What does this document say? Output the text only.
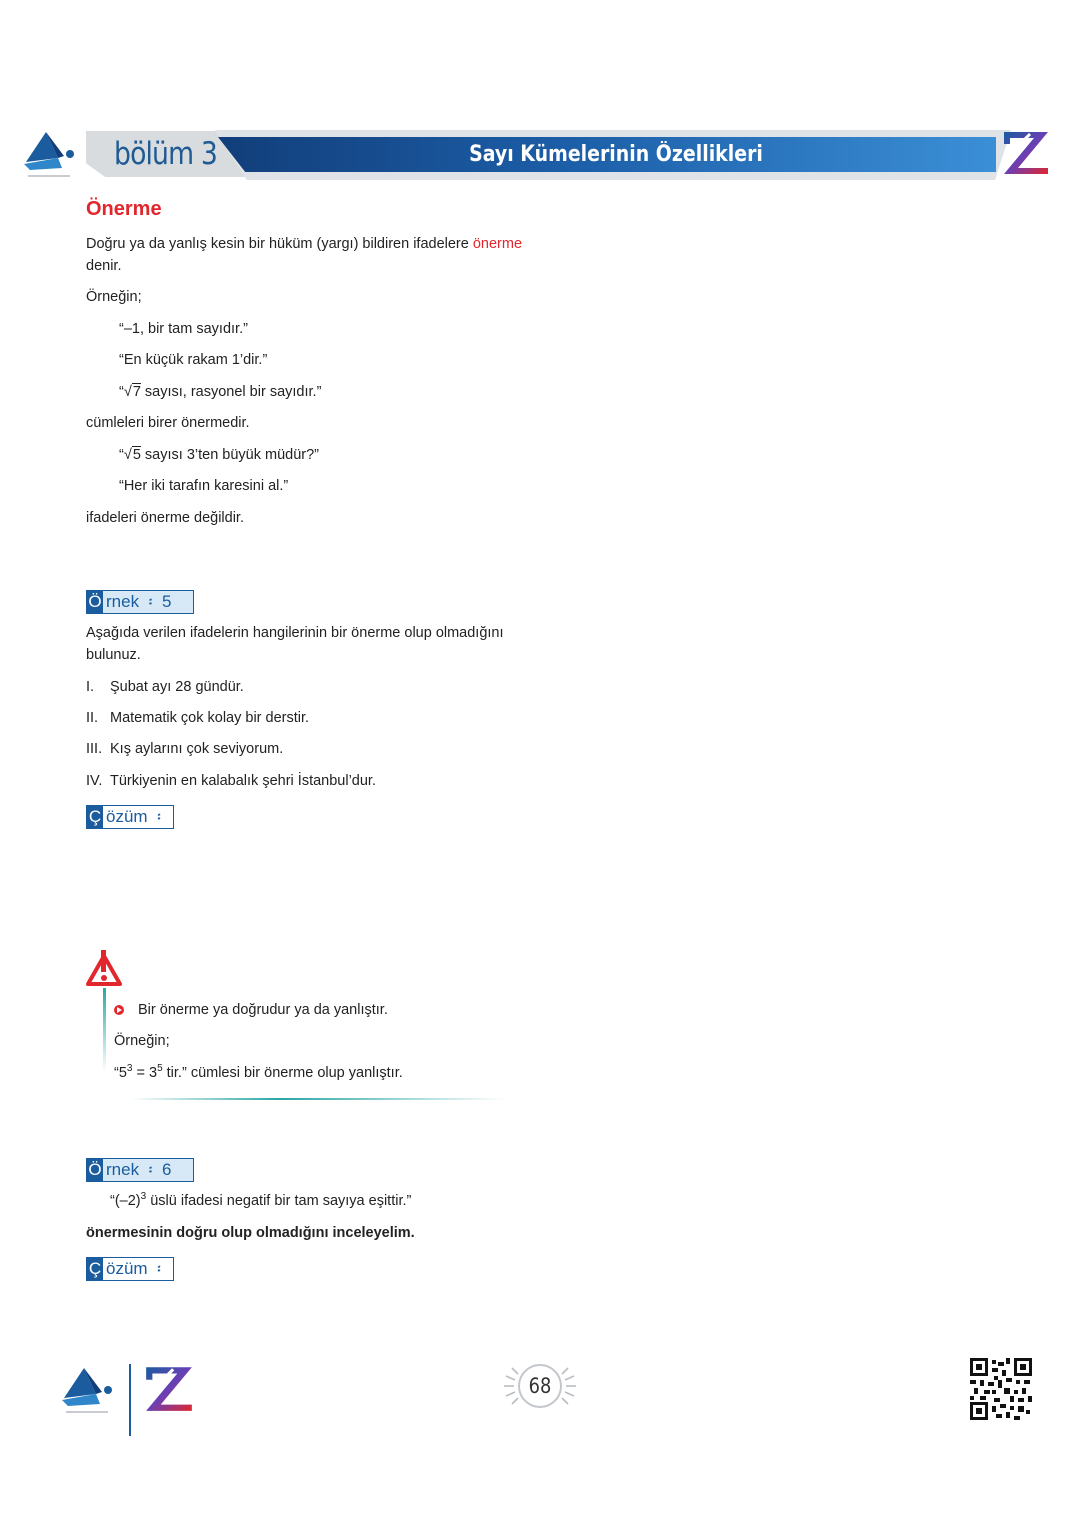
bölüm 3	Sayı Kümelerinin Özellikleri
Önerme
Doğru ya da yanlış kesin bir hüküm (yargı) bildiren ifadelere önerme
denir.
Örneğin;
“–1, bir tam sayıdır.”
“En küçük rakam 1’dir.”
“√7 sayısı, rasyonel bir sayıdır.”
cümleleri birer önermedir.
“√5 sayısı 3’ten büyük müdür?”
“Her iki tarafın karesini al.”
ifadeleri önerme değildir.
Ö rnek  ፡  5
Aşağıda verilen ifadelerin hangilerinin bir önerme olup olmadığını
bulunuz.
I. Şubat ayı 28 gündür.
II. Matematik çok kolay bir derstir.
III. Kış aylarını çok seviyorum.
IV. Türkiyenin en kalabalık şehri İstanbul’dur.
Ç özüm  ፡
Bir önerme ya doğrudur ya da yanlıştır.
Örneğin;
“$5^3 = 3^5$ tir.” cümlesi bir önerme olup yanlıştır.
Ö rnek  ፡  6
“$(-2)^3$ üslü ifadesi negatif bir tam sayıya eşittir.”
önermesinin doğru olup olmadığını inceleyelim.
Ç özüm  ፡
68
